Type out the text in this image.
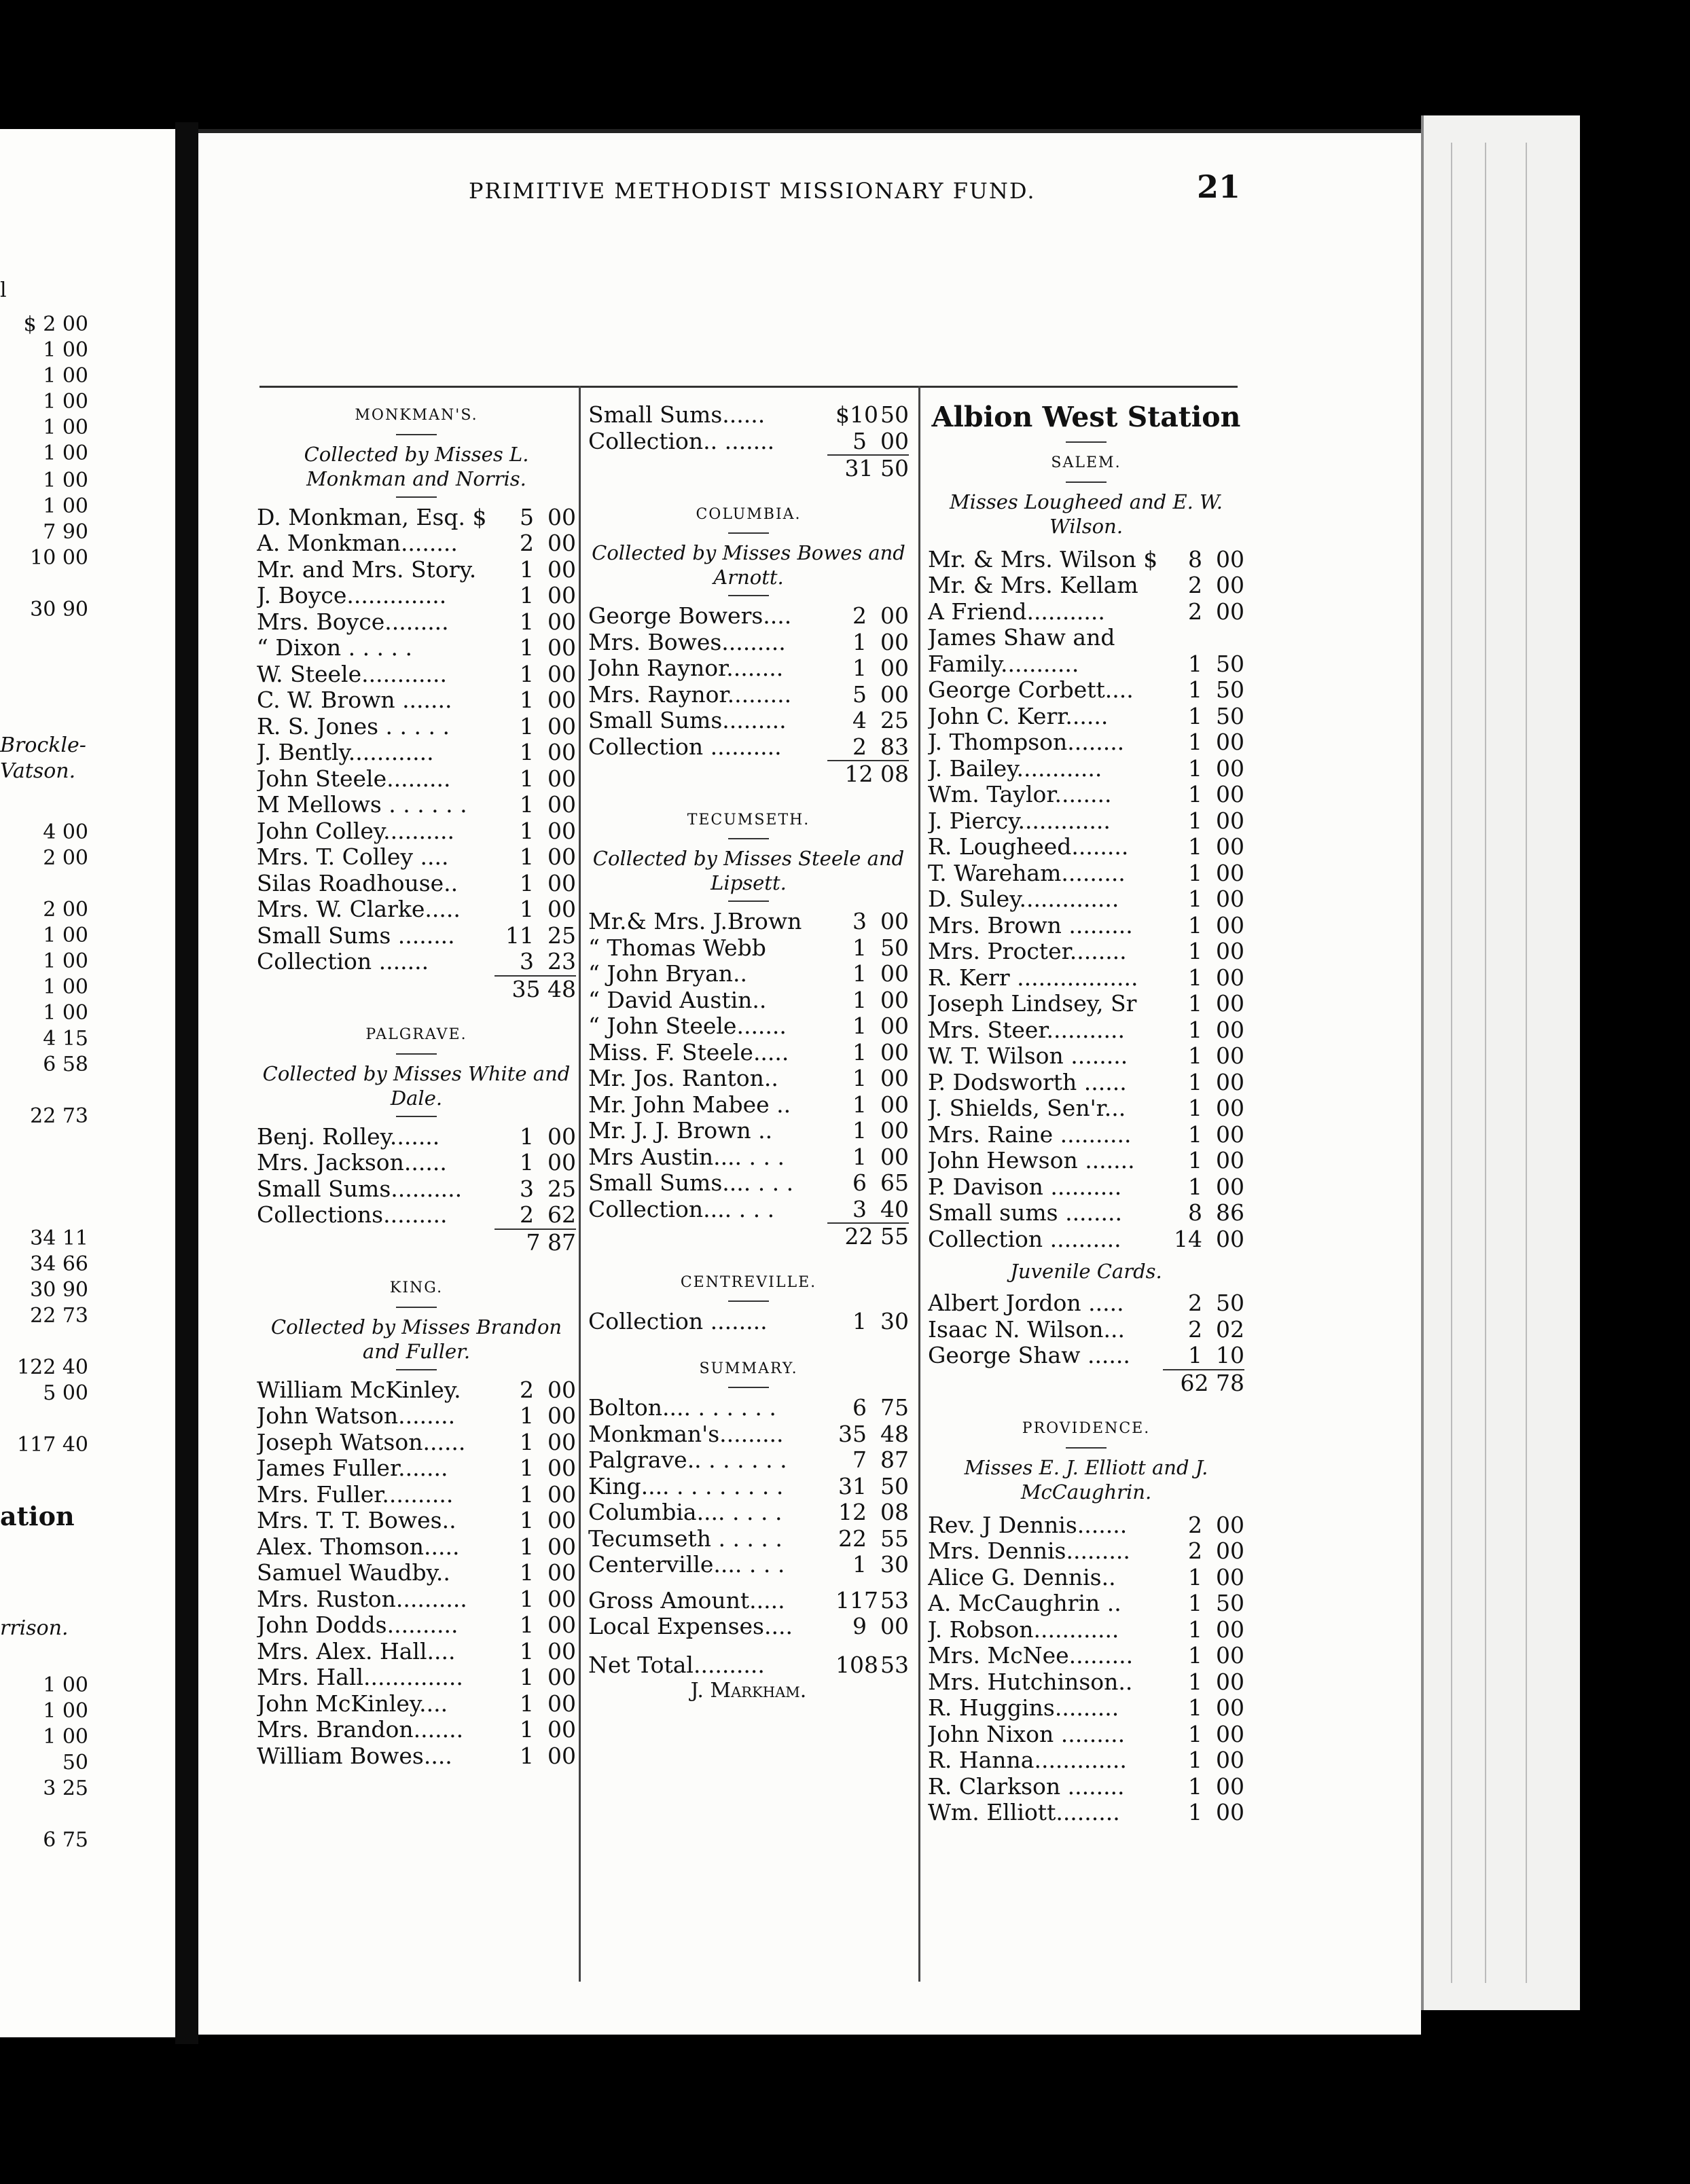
$ 2 00
1 00
1 00
1 00
1 00
1 00
1 00
1 00
7 90
10 00
30 90
4 00
2 00
2 00
1 00
1 00
1 00
1 00
4 15
6 58
22 73
34 11
34 66
30 90
22 73
122 40
5 00
117 40
1 00
1 00
1 00
50
3 25
6 75
l
Brockle-
Vatson.
ation
rrison.
PRIMITIVE METHODIST MISSIONARY FUND.	21
MONKMAN'S.
Collected by Misses L. Monkman and Norris.
D. Monkman, Esq. $	5 00
A. Monkman........	2 00
Mr. and Mrs. Story.	1 00
J. Boyce..............	1 00
Mrs. Boyce.........	1 00
“ Dixon . . . . .	1 00
W. Steele............	1 00
C. W. Brown .......	1 00
R. S. Jones . . . . .	1 00
J. Bently............	1 00
John Steele.........	1 00
M Mellows . . . . . .	1 00
John Colley..........	1 00
Mrs. T. Colley ....	1 00
Silas Roadhouse..	1 00
Mrs. W. Clarke.....	1 00
Small Sums ........	11 25
Collection .......	3 23
35 48
PALGRAVE.
Collected by Misses White and Dale.
Benj. Rolley.......	1 00
Mrs. Jackson......	1 00
Small Sums..........	3 25
Collections.........	2 62
7 87
KING.
Collected by Misses Brandon and Fuller.
William McKinley.	2 00
John Watson........	1 00
Joseph Watson......	1 00
James Fuller.......	1 00
Mrs. Fuller..........	1 00
Mrs. T. T. Bowes..	1 00
Alex. Thomson.....	1 00
Samuel Waudby..	1 00
Mrs. Ruston..........	1 00
John Dodds..........	1 00
Mrs. Alex. Hall....	1 00
Mrs. Hall..............	1 00
John McKinley....	1 00
Mrs. Brandon.......	1 00
William Bowes....	1 00
Small Sums......	$10 50
Collection.. .......	5 00
31 50
COLUMBIA.
Collected by Misses Bowes and Arnott.
George Bowers....	2 00
Mrs. Bowes.........	1 00
John Raynor........	1 00
Mrs. Raynor.........	5 00
Small Sums.........	4 25
Collection ..........	2 83
12 08
TECUMSETH.
Collected by Misses Steele and Lipsett.
Mr.& Mrs. J.Brown	3 00
“ Thomas Webb	1 50
“ John Bryan..	1 00
“ David Austin..	1 00
“ John Steele.......	1 00
Miss. F. Steele.....	1 00
Mr. Jos. Ranton..	1 00
Mr. John Mabee ..	1 00
Mr. J. J. Brown ..	1 00
Mrs Austin.... . . .	1 00
Small Sums.... . . .	6 65
Collection.... . . .	3 40
22 55
CENTREVILLE.
Collection ........	1 30
SUMMARY.
Bolton.... . . . . . .	6 75
Monkman's.........	35 48
Palgrave.. . . . . . .	7 87
King.... . . . . . . . .	31 50
Columbia.... . . . .	12 08
Tecumseth . . . . .	22 55
Centerville.... . . .	1 30
Gross Amount.....	117 53
Local Expenses....	9 00
Net Total..........	108 53
J. Markham.
Albion West Station
SALEM.
Misses Lougheed and E. W. Wilson.
Mr. & Mrs. Wilson $	8 00
Mr. & Mrs. Kellam	2 00
A Friend...........	2 00
James Shaw and
Family...........	1 50
George Corbett....	1 50
John C. Kerr......	1 50
J. Thompson........	1 00
J. Bailey............	1 00
Wm. Taylor........	1 00
J. Piercy.............	1 00
R. Lougheed........	1 00
T. Wareham.........	1 00
D. Suley..............	1 00
Mrs. Brown .........	1 00
Mrs. Procter........	1 00
R. Kerr .................	1 00
Joseph Lindsey, Sr	1 00
Mrs. Steer...........	1 00
W. T. Wilson ........	1 00
P. Dodsworth ......	1 00
J. Shields, Sen'r...	1 00
Mrs. Raine ..........	1 00
John Hewson .......	1 00
P. Davison ..........	1 00
Small sums ........	8 86
Collection ..........	14 00
Juvenile Cards.
Albert Jordon .....	2 50
Isaac N. Wilson...	2 02
George Shaw ......	1 10
62 78
PROVIDENCE.
Misses E. J. Elliott and J. McCaughrin.
Rev. J Dennis.......	2 00
Mrs. Dennis.........	2 00
Alice G. Dennis..	1 00
A. McCaughrin ..	1 50
J. Robson............	1 00
Mrs. McNee.........	1 00
Mrs. Hutchinson..	1 00
R. Huggins.........	1 00
John Nixon .........	1 00
R. Hanna.............	1 00
R. Clarkson ........	1 00
Wm. Elliott.........	1 00
